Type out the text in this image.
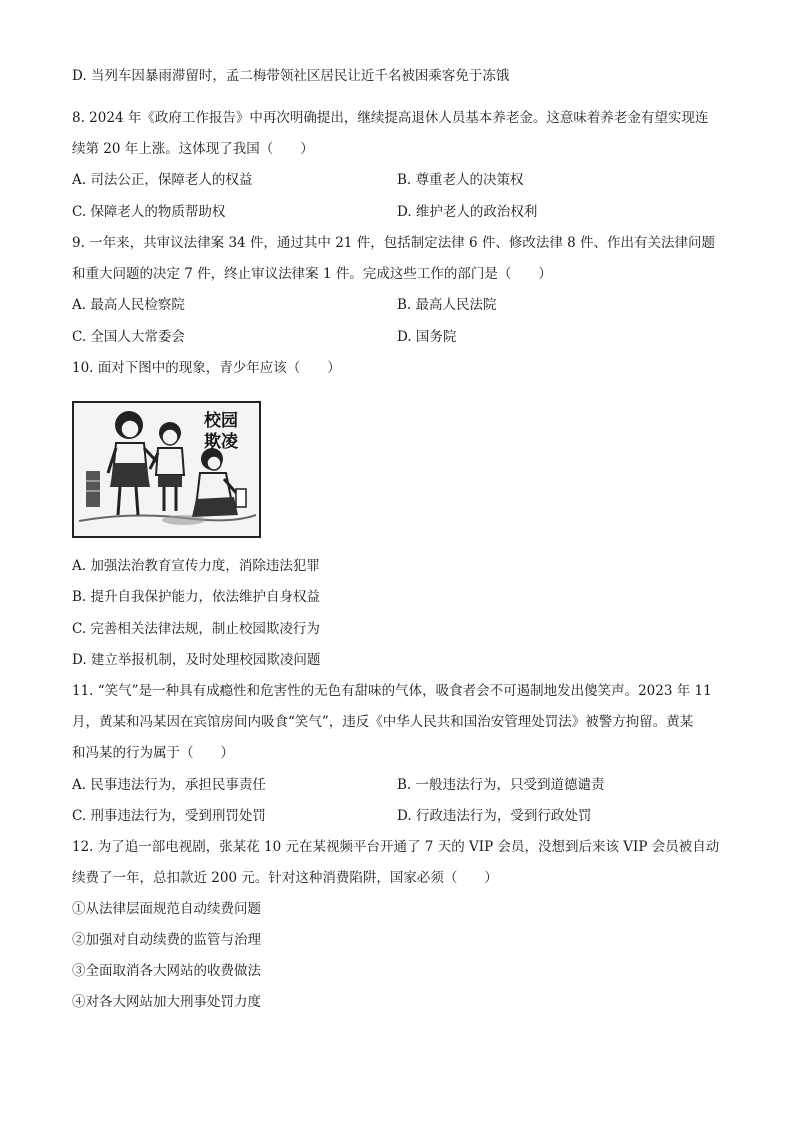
D. 当列车因暴雨滞留时，孟二梅带领社区居民让近千名被困乘客免于冻饿
8. 2024 年《政府工作报告》中再次明确提出，继续提高退休人员基本养老金。这意味着养老金有望实现连
续第 20 年上涨。这体现了我国（　　）
A. 司法公正，保障老人的权益	B. 尊重老人的决策权
C. 保障老人的物质帮助权	D. 维护老人的政治权利
9. 一年来，共审议法律案 34 件，通过其中 21 件，包括制定法律 6 件、修改法律 8 件、作出有关法律问题
和重大问题的决定 7 件，终止审议法律案 1 件。完成这些工作的部门是（　　）
A. 最高人民检察院	B. 最高人民法院
C. 全国人大常委会	D. 国务院
10. 面对下图中的现象，青少年应该（　　）
校园
欺凌
A. 加强法治教育宣传力度，消除违法犯罪
B. 提升自我保护能力，依法维护自身权益
C. 完善相关法律法规，制止校园欺凌行为
D. 建立举报机制，及时处理校园欺凌问题
11. “笑气”是一种具有成瘾性和危害性的无色有甜味的气体，吸食者会不可遏制地发出傻笑声。2023 年 11
月，黄某和冯某因在宾馆房间内吸食“笑气”，违反《中华人民共和国治安管理处罚法》被警方拘留。黄某
和冯某的行为属于（　　）
A. 民事违法行为，承担民事责任	B. 一般违法行为，只受到道德谴责
C. 刑事违法行为，受到刑罚处罚	D. 行政违法行为，受到行政处罚
12. 为了追一部电视剧，张某花 10 元在某视频平台开通了 7 天的 VIP 会员，没想到后来该 VIP 会员被自动
续费了一年，总扣款近 200 元。针对这种消费陷阱，国家必须（　　）
①从法律层面规范自动续费问题
②加强对自动续费的监管与治理
③全面取消各大网站的收费做法
④对各大网站加大刑事处罚力度
